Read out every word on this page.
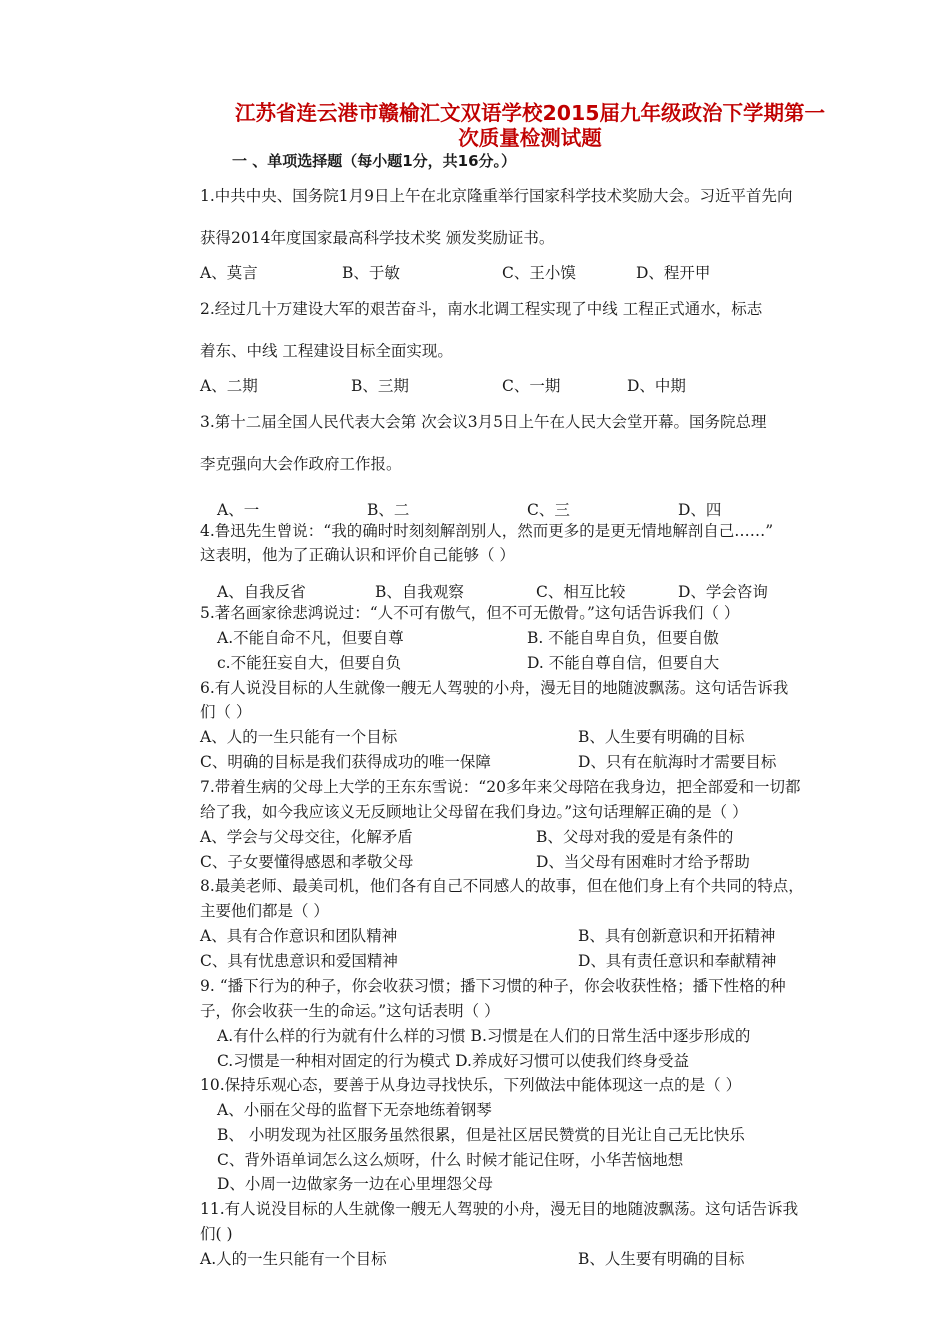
江苏省连云港市赣榆汇文双语学校2015届九年级政治下学期第一
次质量检测试题
一 、单项选择题（每小题1分，共16分。）
1.中共中央、国务院1月9日上午在北京隆重举行国家科学技术奖励大会。习近平首先向
获得2014年度国家最高科学技术奖 颁发奖励证书。
A、莫言	B、于敏	C、王小馍	D、程开甲
2.经过几十万建设大军的艰苦奋斗，南水北调工程实现了中线 工程正式通水，标志
着东、中线 工程建设目标全面实现。
A、二期	B、三期	C、一期	D、中期
3.第十二届全国人民代表大会第 次会议3月5日上午在人民大会堂开幕。国务院总理
李克强向大会作政府工作报。
A、一	B、二	C、三	D、四
4.鲁迅先生曾说：“我的确时时刻刻解剖别人，然而更多的是更无情地解剖自己……”
这表明，他为了正确认识和评价自己能够（ ）
A、自我反省	B、自我观察	C、相互比较	D、学会咨询
5.著名画家徐悲鸿说过：“人不可有傲气，但不可无傲骨。”这句话告诉我们（ ）
A.不能自命不凡，但要自尊	B. 不能自卑自负，但要自傲
c.不能狂妄自大，但要自负	D. 不能自尊自信，但要自大
6.有人说没目标的人生就像一艘无人驾驶的小舟，漫无目的地随波飘荡。这句话告诉我
们（ ）
A、人的一生只能有一个目标	B、人生要有明确的目标
C、明确的目标是我们获得成功的唯一保障	D、只有在航海时才需要目标
7.带着生病的父母上大学的王东东雪说：“20多年来父母陪在我身边，把全部爱和一切都
给了我，如今我应该义无反顾地让父母留在我们身边。”这句话理解正确的是（ ）
A、学会与父母交往，化解矛盾	B、父母对我的爱是有条件的
C、子女要懂得感恩和孝敬父母	D、当父母有困难时才给予帮助
8.最美老师、最美司机，他们各有自己不同感人的故事，但在他们身上有个共同的特点，
主要他们都是（ ）
A、具有合作意识和团队精神	B、具有创新意识和开拓精神
C、具有忧患意识和爱国精神	D、具有责任意识和奉献精神
9. “播下行为的种子，你会收获习惯；播下习惯的种子，你会收获性格；播下性格的种
子，你会收获一生的命运。”这句话表明（ ）
A.有什么样的行为就有什么样的习惯 B.习惯是在人们的日常生活中逐步形成的
C.习惯是一种相对固定的行为模式 D.养成好习惯可以使我们终身受益
10.保持乐观心态，要善于从身边寻找快乐，下列做法中能体现这一点的是（ ）
A、小丽在父母的监督下无奈地练着钢琴
B、 小明发现为社区服务虽然很累，但是社区居民赞赏的目光让自己无比快乐
C、背外语单词怎么这么烦呀，什么 时候才能记住呀，小华苦恼地想
D、小周一边做家务一边在心里埋怨父母
11.有人说没目标的人生就像一艘无人驾驶的小舟，漫无目的地随波飘荡。这句话告诉我
们( )
A.人的一生只能有一个目标	B、人生要有明确的目标
